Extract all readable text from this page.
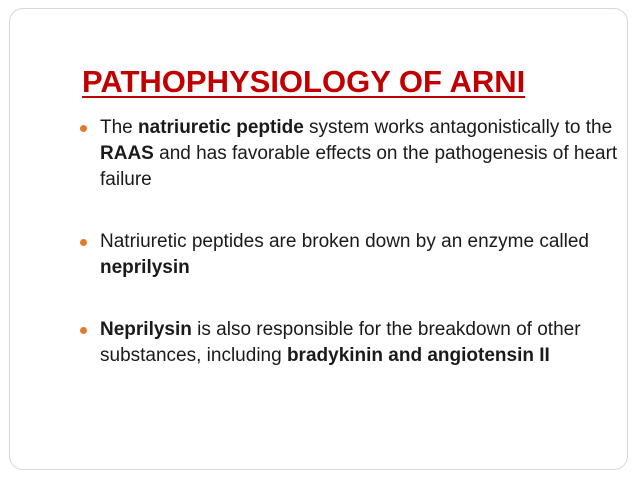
PATHOPHYSIOLOGY OF ARNI
The natriuretic peptide system works antagonistically to the RAAS and has favorable effects on the pathogenesis of heart failure
Natriuretic peptides are broken down by an enzyme called neprilysin
Neprilysin is also responsible for the breakdown of other substances, including bradykinin and angiotensin II
